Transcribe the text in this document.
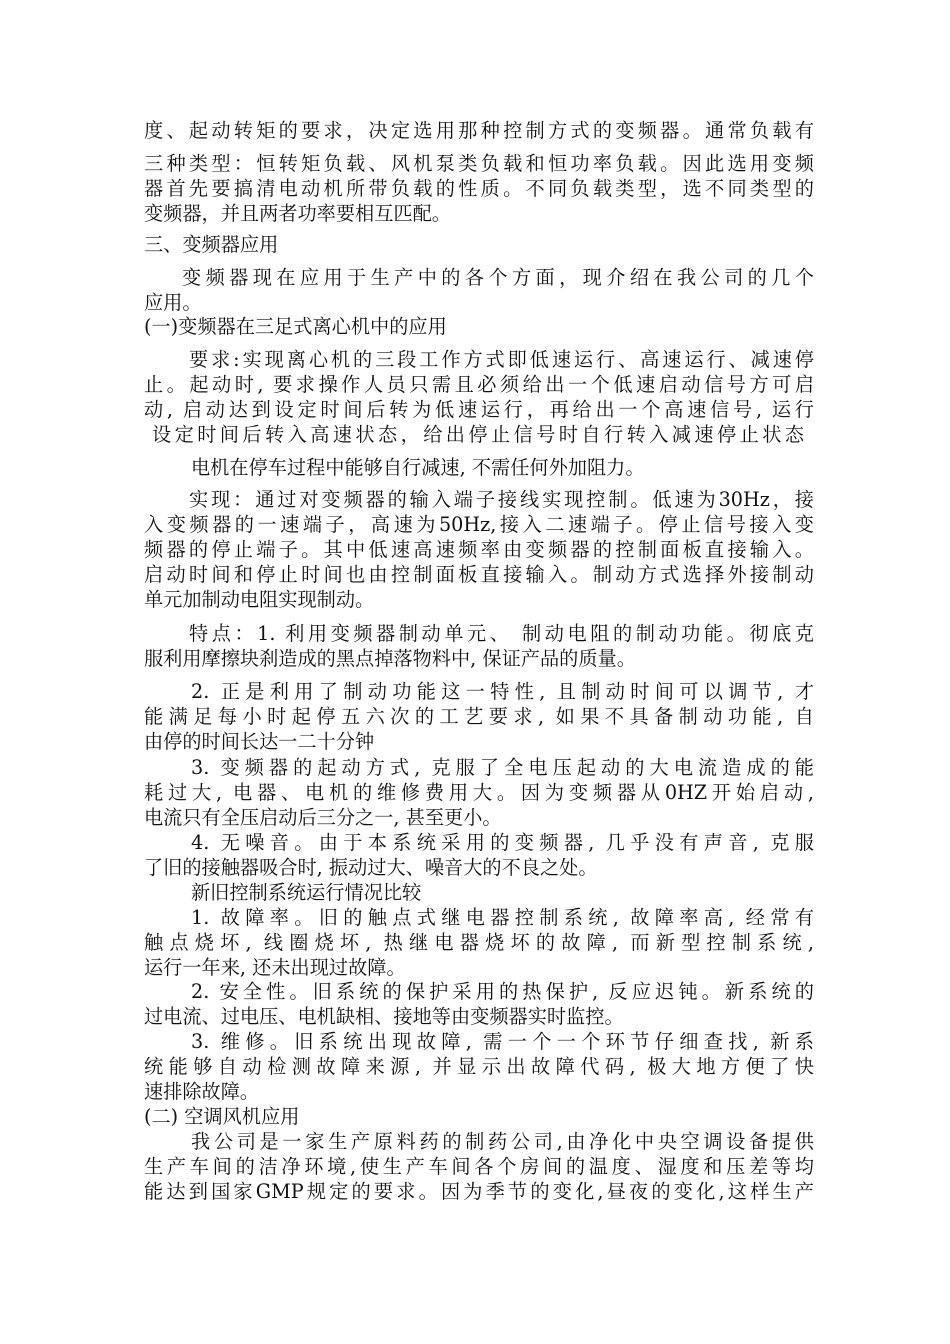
度、起动转矩的要求，决定选用那种控制方式的变频器。通常负载有
三种类型：恒转矩负载、风机泵类负载和恒功率负载。因此选用变频
器首先要搞清电动机所带负载的性质。不同负载类型，选不同类型的
变频器，并且两者功率要相互匹配。
三、变频器应用
变频器现在应用于生产中的各个方面，现介绍在我公司的几个
应用。
(一)变频器在三足式离心机中的应用
要求:实现离心机的三段工作方式即低速运行、高速运行、减速停
止。起动时, 要求操作人员只需且必须给出一个低速启动信号方可启
动, 启动达到设定时间后转为低速运行，再给出一个高速信号, 运行
设定时间后转入高速状态，给出停止信号时自行转入减速停止状态
电机在停车过程中能够自行减速, 不需任何外加阻力。
实现：通过对变频器的输入端子接线实现控制。低速为30Hz，接
入变频器的一速端子，高速为50Hz,接入二速端子。停止信号接入变
频器的停止端子。其中低速高速频率由变频器的控制面板直接输入。
启动时间和停止时间也由控制面板直接输入。制动方式选择外接制动
单元加制动电阻实现制动。
特点：1. 利用变频器制动单元、 制动电阻的制动功能。彻底克
服利用摩擦块刹造成的黑点掉落物料中, 保证产品的质量。
2. 正是利用了制动功能这一特性, 且制动时间可以调节, 才
能满足每小时起停五六次的工艺要求, 如果不具备制动功能, 自
由停的时间长达一二十分钟
3. 变频器的起动方式, 克服了全电压起动的大电流造成的能
耗过大, 电器、电机的维修费用大。因为变频器从0HZ开始启动,
电流只有全压启动后三分之一, 甚至更小。
4. 无噪音。由于本系统采用的变频器, 几乎没有声音, 克服
了旧的接触器吸合时, 振动过大、噪音大的不良之处。
新旧控制系统运行情况比较
1. 故障率。旧的触点式继电器控制系统, 故障率高, 经常有
触点烧坏, 线圈烧坏, 热继电器烧坏的故障, 而新型控制系统,
运行一年来, 还未出现过故障。
2. 安全性。旧系统的保护采用的热保护, 反应迟钝。新系统的
过电流、过电压、电机缺相、接地等由变频器实时监控。
3. 维修。旧系统出现故障, 需一个一个环节仔细查找, 新系
统能够自动检测故障来源, 并显示出故障代码, 极大地方便了快
速排除故障。
(二) 空调风机应用
我公司是一家生产原料药的制药公司,由净化中央空调设备提供
生产车间的洁净环境,使生产车间各个房间的温度、湿度和压差等均
能达到国家GMP规定的要求。因为季节的变化,昼夜的变化,这样生产
